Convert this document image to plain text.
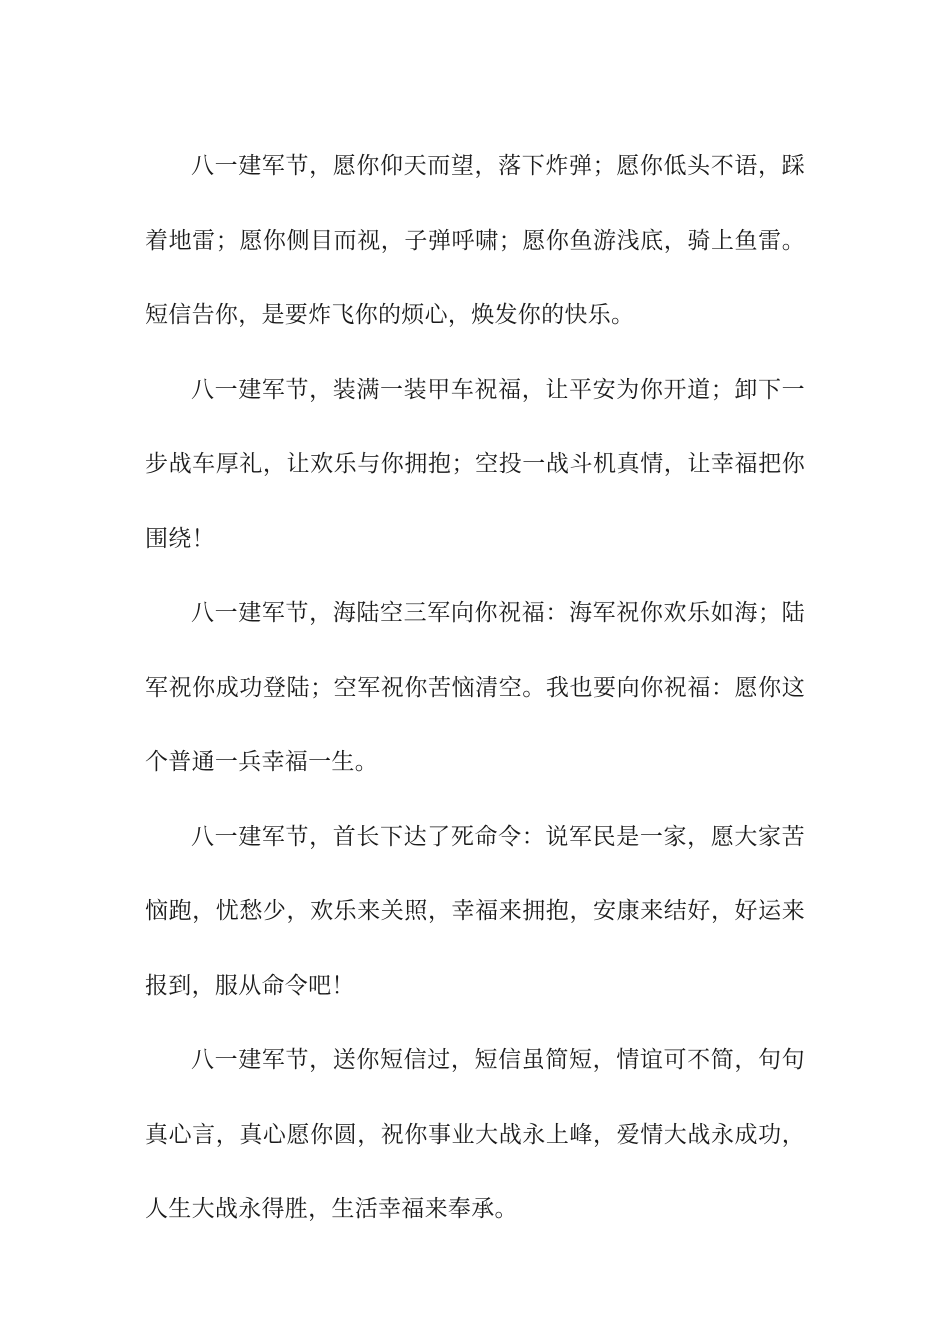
八一建军节，愿你仰天而望，落下炸弹；愿你低头不语，踩着地雷；愿你侧目而视，子弹呼啸；愿你鱼游浅底，骑上鱼雷。短信告你，是要炸飞你的烦心，焕发你的快乐。

八一建军节，装满一装甲车祝福，让平安为你开道；卸下一步战车厚礼，让欢乐与你拥抱；空投一战斗机真情，让幸福把你围绕！

八一建军节，海陆空三军向你祝福：海军祝你欢乐如海；陆军祝你成功登陆；空军祝你苦恼清空。我也要向你祝福：愿你这个普通一兵幸福一生。

八一建军节，首长下达了死命令：说军民是一家，愿大家苦恼跑，忧愁少，欢乐来关照，幸福来拥抱，安康来结好，好运来报到，服从命令吧！

八一建军节，送你短信过，短信虽简短，情谊可不简，句句真心言，真心愿你圆，祝你事业大战永上峰，爱情大战永成功，人生大战永得胜，生活幸福来奉承。
